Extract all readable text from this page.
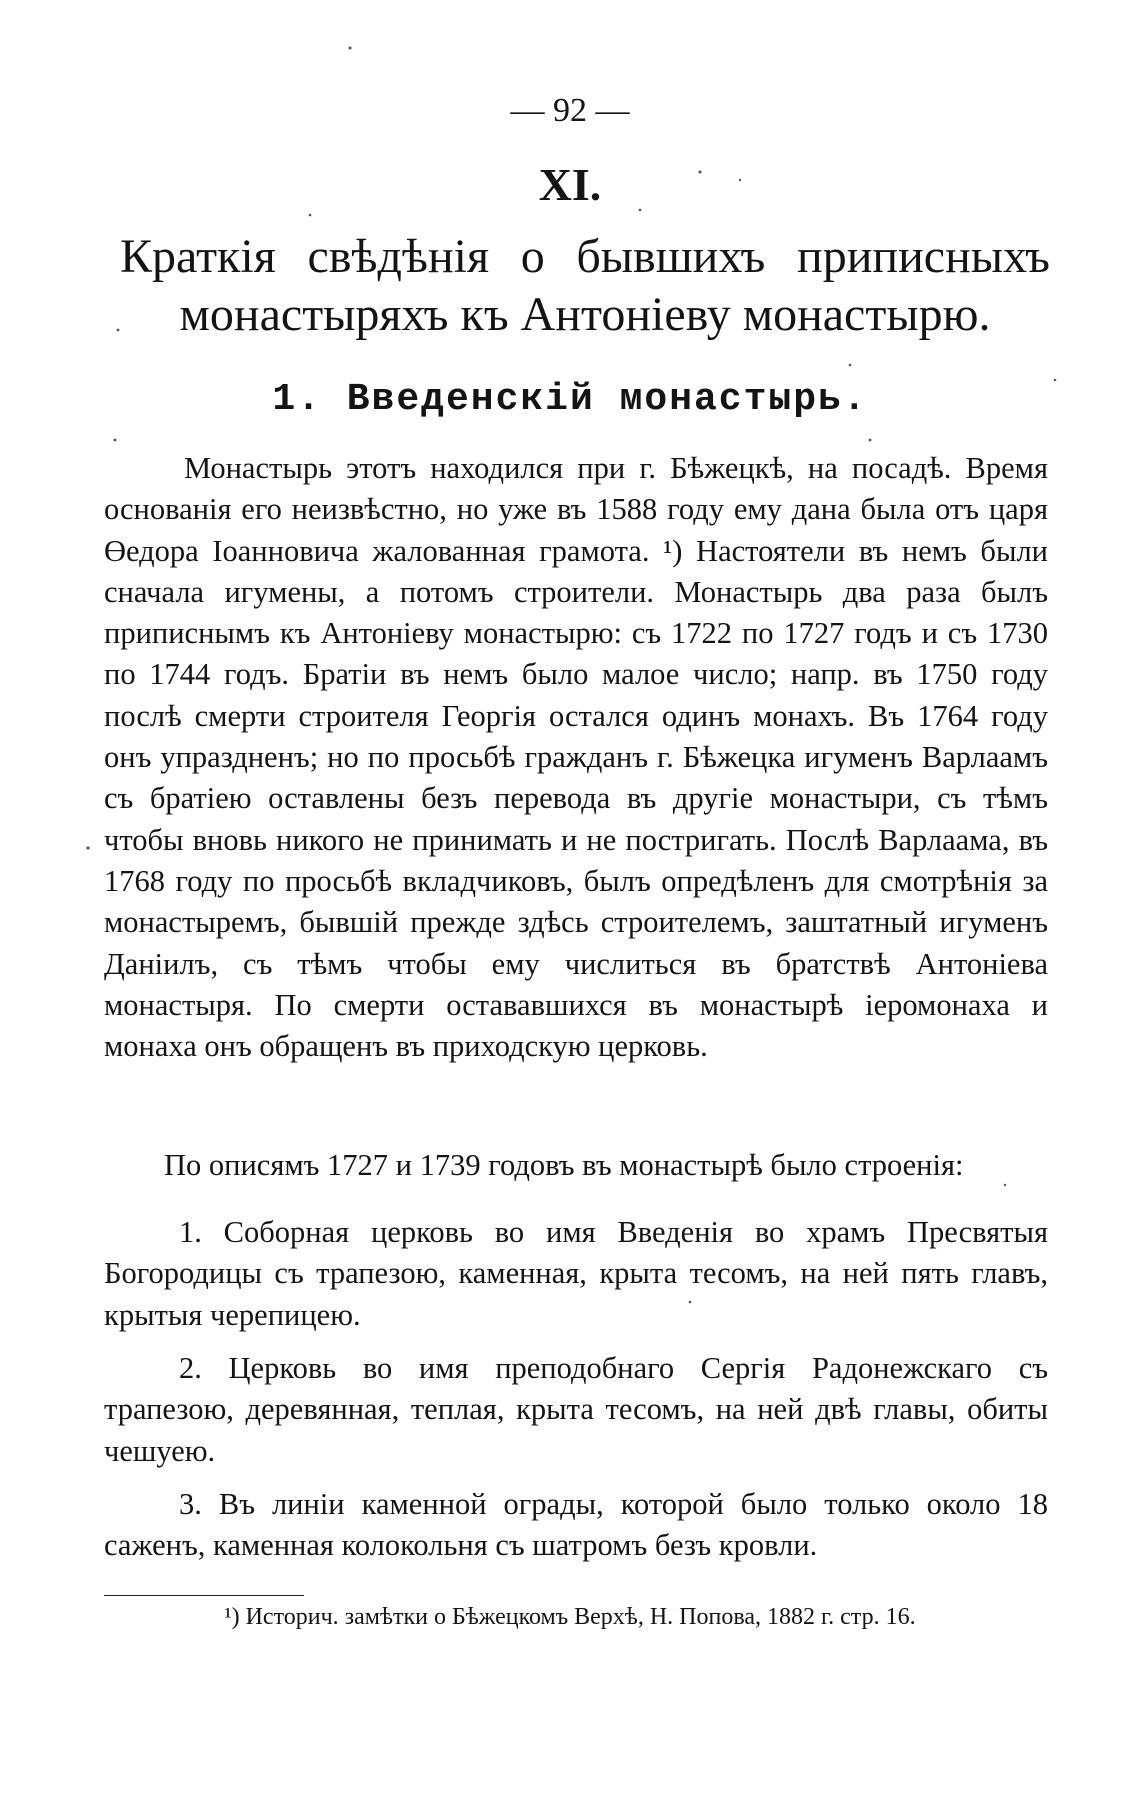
— 92 —
XI.
Краткія свѣдѣнія о бывшихъ приписныхъ монастыряхъ къ Антоніеву монастырю.
1. Введенскій монастырь.

Монастырь этотъ находился при г. Бѣжецкѣ, на посадѣ. Время основанія его неизвѣстно, но уже въ 1588 году ему дана была отъ царя Өедора Іоанновича жалованная грамота. ¹) Настоятели въ немъ были сначала игумены, а потомъ строители. Монастырь два раза былъ приписнымъ къ Антоніеву монастырю: съ 1722 по 1727 годъ и съ 1730 по 1744 годъ. Братіи въ немъ было малое число; напр. въ 1750 году послѣ смерти строителя Георгія остался одинъ монахъ. Въ 1764 году онъ упраздненъ; но по просьбѣ гражданъ г. Бѣжецка игуменъ Варлаамъ съ братіею оставлены безъ перевода въ другіе монастыри, съ тѣмъ чтобы вновь никого не принимать и не постригать. Послѣ Варлаама, въ 1768 году по просьбѣ вкладчиковъ, былъ опредѣленъ для смотрѣнія за монастыремъ, бывшій прежде здѣсь строителемъ, заштатный игуменъ Даніилъ, съ тѣмъ чтобы ему числиться въ братствѣ Антоніева монастыря. По смерти остававшихся въ монастырѣ іеромонаха и монаха онъ обращенъ въ приходскую церковь.

По описямъ 1727 и 1739 годовъ въ монастырѣ было строенія:

1. Соборная церковь во имя Введенія во храмъ Пресвятыя Богородицы съ трапезою, каменная, крыта тесомъ, на ней пять главъ, крытыя черепицею.

2. Церковь во имя преподобнаго Сергія Радонежскаго съ трапезою, деревянная, теплая, крыта тесомъ, на ней двѣ главы, обиты чешуею.

3. Въ линіи каменной ограды, которой было только около 18 саженъ, каменная колокольня съ шатромъ безъ кровли.

¹) Историч. замѣтки о Бѣжецкомъ Верхѣ, Н. Попова, 1882 г. стр. 16.
